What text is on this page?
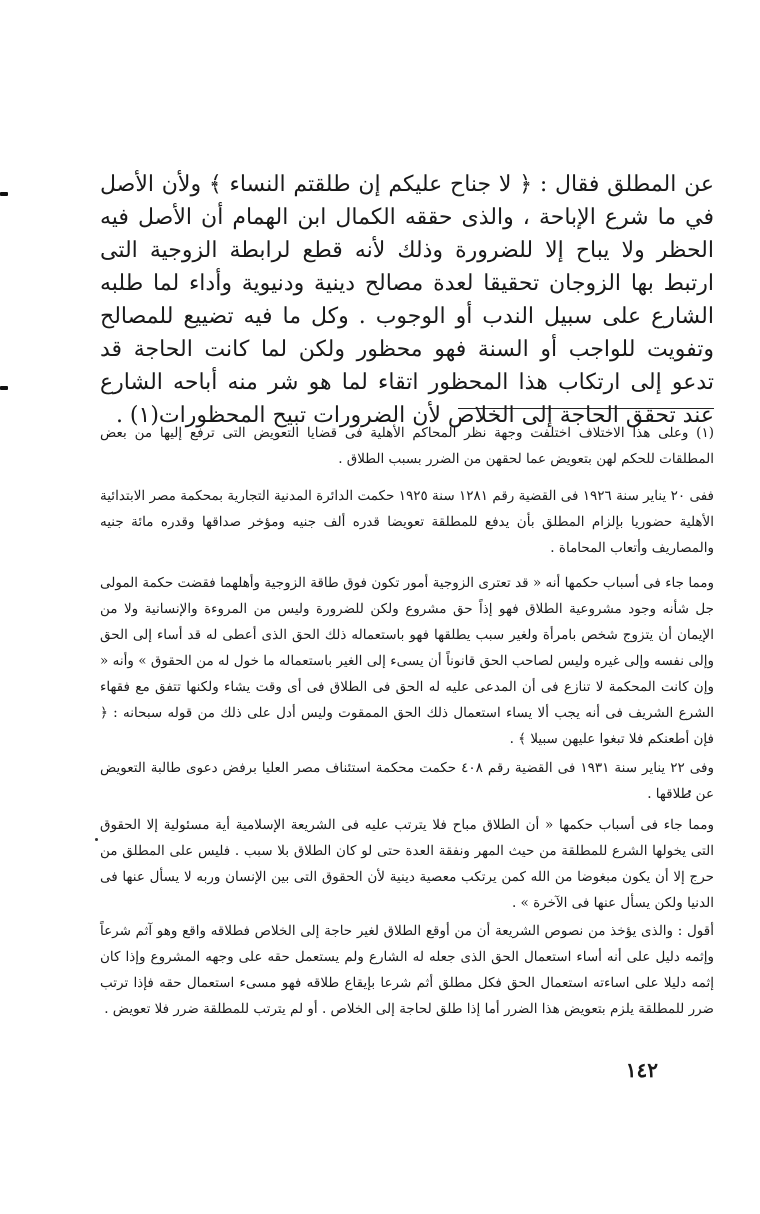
عن المطلق فقال : ﴿ لا جناح عليكم إن طلقتم النساء ﴾ ولأن الأصل في ما شرع الإباحة ، والذى حققه الكمال ابن الهمام أن الأصل فيه الحظر ولا يباح إلا للضرورة وذلك لأنه قطع لرابطة الزوجية التى ارتبط بها الزوجان تحقيقا لعدة مصالح دينية ودنيوية وأداء لما طلبه الشارع على سبيل الندب أو الوجوب . وكل ما فيه تضييع للمصالح وتفويت للواجب أو السنة فهو محظور ولكن لما كانت الحاجة قد تدعو إلى ارتكاب هذا المحظور اتقاء لما هو شر منه أباحه الشارع عند تحقق الحاجة إلى الخلاص لأن الضرورات تبيح المحظورات(١) .

(١) وعلى هذا الاختلاف اختلفت وجهة نظر المحاكم الأهلية فى قضايا التعويض التى ترفع إليها من بعض المطلقات للحكم لهن بتعويض عما لحقهن من الضرر بسبب الطلاق .

ففى ٢٠ يناير سنة ١٩٢٦ فى القضية رقم ١٢٨١ سنة ١٩٢٥ حكمت الدائرة المدنية التجارية بمحكمة مصر الابتدائية الأهلية حضوريا بإلزام المطلق بأن يدفع للمطلقة تعويضا قدره ألف جنيه ومؤخر صداقها وقدره مائة جنيه والمصاريف وأتعاب المحاماة .

ومما جاء فى أسباب حكمها أنه « قد تعترى الزوجية أمور تكون فوق طاقة الزوجية وأهلهما فقضت حكمة المولى جل شأنه وجود مشروعية الطلاق فهو إذاً حق مشروع ولكن للضرورة وليس من المروءة والإنسانية ولا من الإيمان أن يتزوج شخص بامرأة ولغير سبب يطلقها فهو باستعماله ذلك الحق الذى أعطى له قد أساء إلى الحق وإلى نفسه وإلى غيره وليس لصاحب الحق قانوناً أن يسىء إلى الغير باستعماله ما خول له من الحقوق » وأنه « وإن كانت المحكمة لا تنازع فى أن المدعى عليه له الحق فى الطلاق فى أى وقت يشاء ولكنها تتفق مع فقهاء الشرع الشريف فى أنه يجب ألا يساء استعمال ذلك الحق الممقوت وليس أدل على ذلك من قوله سبحانه : ﴿ فإن أطعنكم فلا تبغوا عليهن سبيلا ﴾ .

وفى ٢٢ يناير سنة ١٩٣١ فى القضية رقم ٤٠٨ حكمت محكمة استئناف مصر العليا برفض دعوى طالبة التعويض عن طلاقها .

ومما جاء فى أسباب حكمها « أن الطلاق مباح فلا يترتب عليه فى الشريعة الإسلامية أية مسئولية إلا الحقوق التى يخولها الشرع للمطلقة من حيث المهر ونفقة العدة حتى لو كان الطلاق بلا سبب . فليس على المطلق من حرج إلا أن يكون مبغوضا من الله كمن يرتكب معصية دينية لأن الحقوق التى بين الإنسان وربه لا يسأل عنها فى الدنيا ولكن يسأل عنها فى الآخرة » .

أقول : والذى يؤخذ من نصوص الشريعة أن من أوقع الطلاق لغير حاجة إلى الخلاص فطلاقه واقع وهو آثم شرعاً وإثمه دليل على أنه أساء استعمال الحق الذى جعله له الشارع ولم يستعمل حقه على وجهه المشروع وإذا كان إثمه دليلا على اساءته استعمال الحق فكل مطلق أثم شرعا بإيقاع طلاقه فهو مسىء استعمال حقه فإذا ترتب ضرر للمطلقة يلزم بتعويض هذا الضرر أما إذا طلق لحاجة إلى الخلاص . أو لم يترتب للمطلقة ضرر فلا تعويض .

١٤٢
